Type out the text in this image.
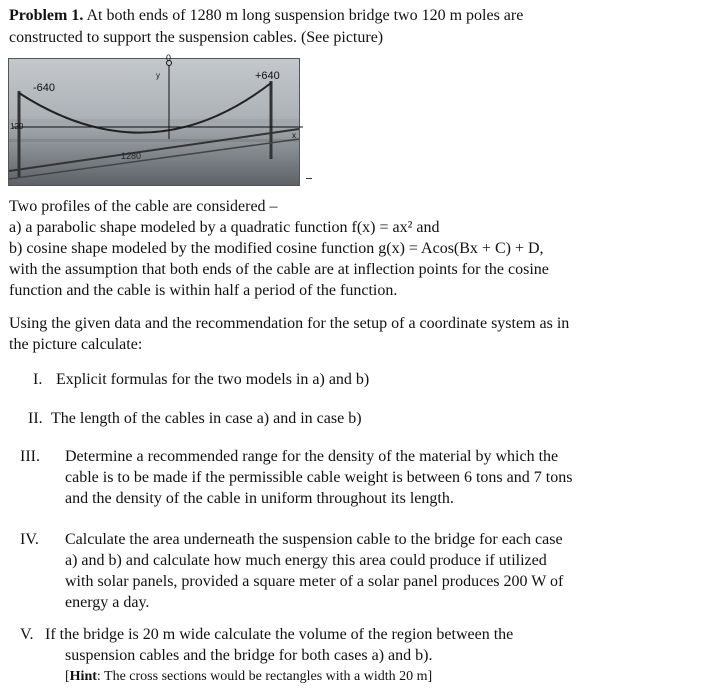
Problem 1. At both ends of 1280 m long suspension bridge two 120 m poles are
constructed to support the suspension cables. (See picture)
-640
+640
0
120
y
x
1280
Two profiles of the cable are considered –
a) a parabolic shape modeled by a quadratic function f(x) = ax² and
b) cosine shape modeled by the modified cosine function g(x) = Acos(Bx + C) + D,
with the assumption that both ends of the cable are at inflection points for the cosine
function and the cable is within half a period of the function.
Using the given data and the recommendation for the setup of a coordinate system as in
the picture calculate:
I. Explicit formulas for the two models in a) and b)
II. The length of the cables in case a) and in case b)
III. Determine a recommended range for the density of the material by which the
cable is to be made if the permissible cable weight is between 6 tons and 7 tons
and the density of the cable in uniform throughout its length.
IV. Calculate the area underneath the suspension cable to the bridge for each case
a) and b) and calculate how much energy this area could produce if utilized
with solar panels, provided a square meter of a solar panel produces 200 W of
energy a day.
V. If the bridge is 20 m wide calculate the volume of the region between the
suspension cables and the bridge for both cases a) and b).
[Hint: The cross sections would be rectangles with a width 20 m]
